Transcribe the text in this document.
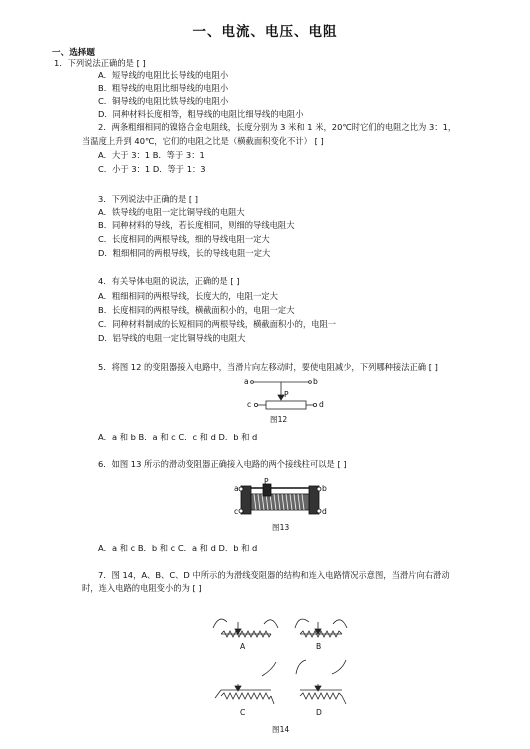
一、电流、电压、电阻
一、选择题
1．下列说法正确的是 [ ]
A．短导线的电阻比长导线的电阻小
B．粗导线的电阻比细导线的电阻小
C．铜导线的电阻比铁导线的电阻小
D．同种材料长度相等，粗导线的电阻比细导线的电阻小
2．两条粗细相同的镍铬合金电阻线，长度分别为 3 米和 1 米，20℃时它们的电阻之比为 3：1，
当温度上升到 40℃，它们的电阻之比是（横截面积变化不计） [ ]
A．大于 3：1 B．等于 3：1
C．小于 3：1 D．等于 1：3
3．下列说法中正确的是 [ ]
A．铁导线的电阻一定比铜导线的电阻大
B．同种材料的导线，若长度相同，则细的导线电阻大
C．长度相同的两根导线，细的导线电阻一定大
D．粗细相同的两根导线，长的导线电阻一定大
4．有关导体电阻的说法，正确的是 [ ]
A．粗细相同的两根导线，长度大的，电阻一定大
B．长度相同的两根导线，横截面积小的，电阻一定大
C．同种材料制成的长短相同的两根导线，横截面积小的，电阻一
D．铝导线的电阻一定比铜导线的电阻大
5．将图 12 的变阻器接入电路中，当滑片向左移动时，要使电阻减少，下列哪种接法正确 [ ]
a	b
c	d
P
图12
A．a 和 b B．a 和 c C．c 和 d D．b 和 d
6．如图 13 所示的滑动变阻器正确接入电路的两个接线柱可以是 [ ]
P
a	b
c	d
图13
A．a 和 c B．b 和 c C．a 和 d D．b 和 d
7．图 14，A、B、C、D 中所示的为滑线变阻器的结构和连入电路情况示意图，当滑片向右滑动
时，连入电路的电阻变小的为 [ ]
A	B
C	D
图14
